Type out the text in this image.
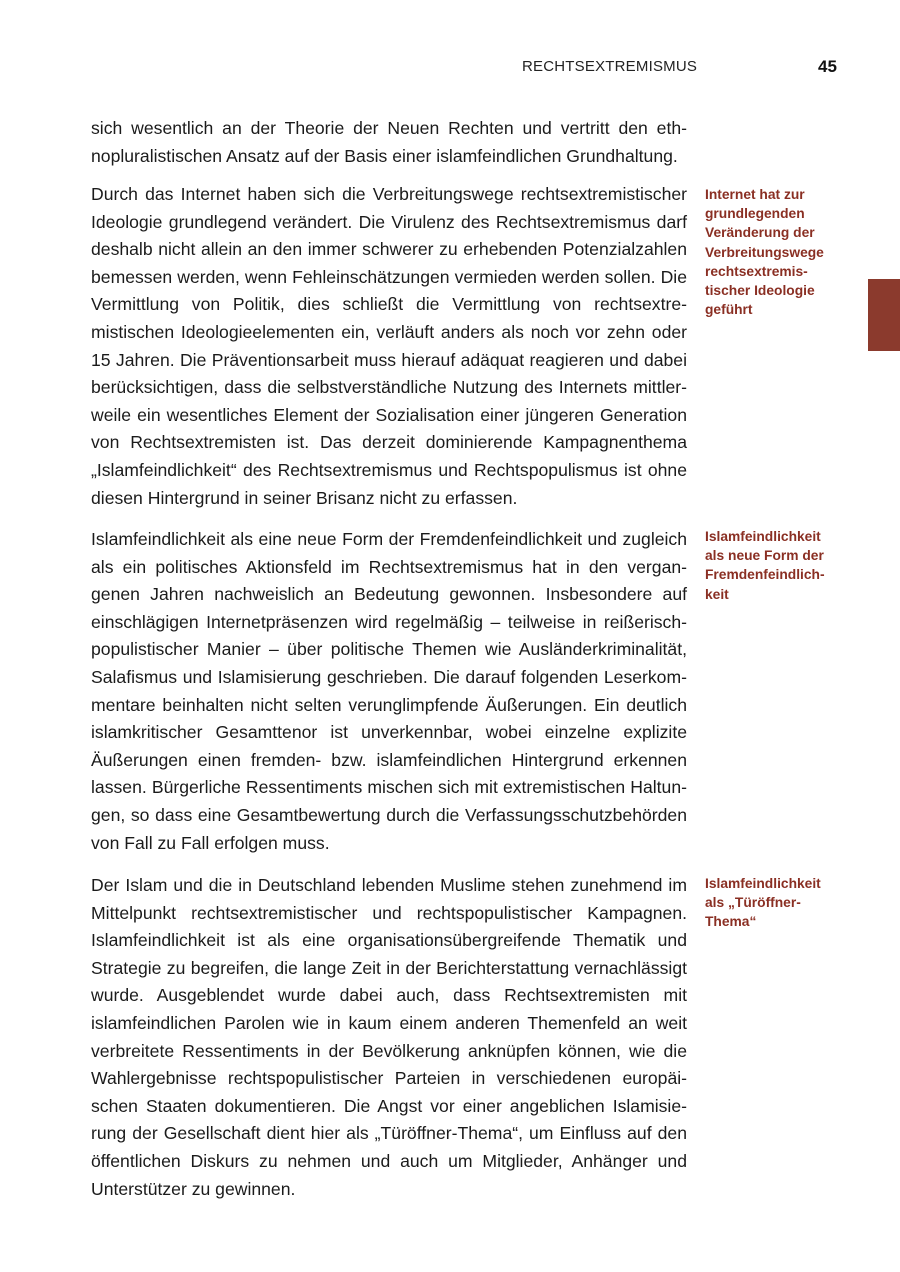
RECHTSEXTREMISMUS	45

sich wesentlich an der Theorie der Neuen Rechten und vertritt den ethnopluralistischen Ansatz auf der Basis einer islamfeindlichen Grundhaltung.

Durch das Internet haben sich die Verbreitungswege rechtsextremistischer Ideologie grundlegend verändert. Die Virulenz des Rechtsextremismus darf deshalb nicht allein an den immer schwerer zu erhebenden Potenzialzahlen bemessen werden, wenn Fehleinschätzungen vermieden werden sollen. Die Vermittlung von Politik, dies schließt die Vermittlung von rechtsextremistischen Ideologieelementen ein, verläuft anders als noch vor zehn oder 15 Jahren. Die Präventionsarbeit muss hierauf adäquat reagieren und dabei berücksichtigen, dass die selbstverständliche Nutzung des Internets mittlerweile ein wesentliches Element der Sozialisation einer jüngeren Generation von Rechtsextremisten ist. Das derzeit dominierende Kampagnenthema „Islamfeindlichkeit“ des Rechtsextremismus und Rechtspopulismus ist ohne diesen Hintergrund in seiner Brisanz nicht zu erfassen.

Internet hat zur grundlegenden Veränderung der Verbreitungswege rechtsextremistischer Ideologie geführt

Islamfeindlichkeit als eine neue Form der Fremdenfeindlichkeit und zugleich als ein politisches Aktionsfeld im Rechtsextremismus hat in den vergangenen Jahren nachweislich an Bedeutung gewonnen. Insbesondere auf einschlägigen Internetpräsenzen wird regelmäßig – teilweise in reißerisch-populistischer Manier – über politische Themen wie Ausländerkriminalität, Salafismus und Islamisierung geschrieben. Die darauf folgenden Leserkommentare beinhalten nicht selten verunglimpfende Äußerungen. Ein deutlich islamkritischer Gesamttenor ist unverkennbar, wobei einzelne explizite Äußerungen einen fremden- bzw. islamfeindlichen Hintergrund erkennen lassen. Bürgerliche Ressentiments mischen sich mit extremistischen Haltungen, so dass eine Gesamtbewertung durch die Verfassungsschutzbehörden von Fall zu Fall erfolgen muss.

Islamfeindlichkeit als neue Form der Fremdenfeindlichkeit

Der Islam und die in Deutschland lebenden Muslime stehen zunehmend im Mittelpunkt rechtsextremistischer und rechtspopulistischer Kampagnen. Islamfeindlichkeit ist als eine organisationsübergreifende Thematik und Strategie zu begreifen, die lange Zeit in der Berichterstattung vernachlässigt wurde. Ausgeblendet wurde dabei auch, dass Rechtsextremisten mit islamfeindlichen Parolen wie in kaum einem anderen Themenfeld an weit verbreitete Ressentiments in der Bevölkerung anknüpfen können, wie die Wahlergebnisse rechtspopulistischer Parteien in verschiedenen europäischen Staaten dokumentieren. Die Angst vor einer angeblichen Islamisierung der Gesellschaft dient hier als „Türöffner-Thema“, um Einfluss auf den öffentlichen Diskurs zu nehmen und auch um Mitglieder, Anhänger und Unterstützer zu gewinnen.

Islamfeindlichkeit als „Türöffner-Thema“
